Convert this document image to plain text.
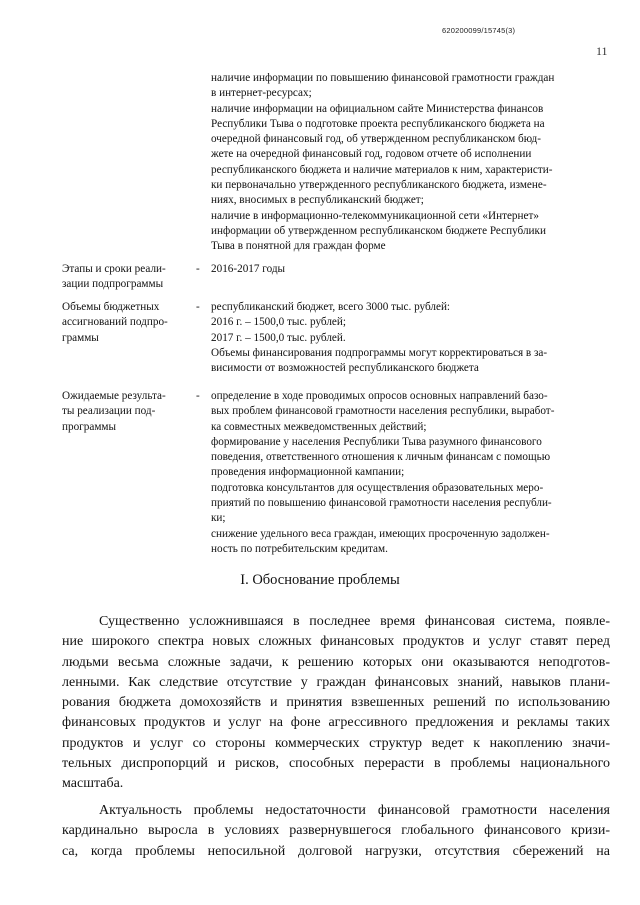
620200099/15745(3)
11
наличие информации по повышению финансовой грамотности граждан
в интернет-ресурсах;
наличие информации на официальном сайте Министерства финансов
Республики Тыва о подготовке проекта республиканского бюджета на
очередной финансовый год, об утвержденном республиканском бюд-
жете на очередной финансовый год, годовом отчете об исполнении
республиканского бюджета и наличие материалов к ним, характеристи-
ки первоначально утвержденного республиканского бюджета, измене-
ниях, вносимых в республиканский бюджет;
наличие в информационно-телекоммуникационной сети «Интернет»
информации об утвержденном республиканском бюджете Республики
Тыва в понятной для граждан форме
Этапы и сроки реали-
зации подпрограммы
- 2016-2017 годы
Объемы бюджетных
ассигнований подпро-
граммы
- республиканский бюджет, всего 3000 тыс. рублей:
2016 г. – 1500,0 тыс. рублей;
2017 г. – 1500,0 тыс. рублей.
Объемы финансирования подпрограммы могут корректироваться в за-
висимости от возможностей республиканского бюджета
Ожидаемые результа-
ты реализации под-
программы
- определение в ходе проводимых опросов основных направлений базо-
вых проблем финансовой грамотности населения республики, выработ-
ка совместных межведомственных действий;
формирование у населения Республики Тыва разумного финансового
поведения, ответственного отношения к личным финансам с помощью
проведения информационной кампании;
подготовка консультантов для осуществления образовательных меро-
приятий по повышению финансовой грамотности населения республи-
ки;
снижение удельного веса граждан, имеющих просроченную задолжен-
ность по потребительским кредитам.
I. Обоснование проблемы
Существенно усложнившаяся в последнее время финансовая система, появле-
ние широкого спектра новых сложных финансовых продуктов и услуг ставят перед
людьми весьма сложные задачи, к решению которых они оказываются неподготов-
ленными. Как следствие отсутствие у граждан финансовых знаний, навыков плани-
рования бюджета домохозяйств и принятия взвешенных решений по использованию
финансовых продуктов и услуг на фоне агрессивного предложения и рекламы таких
продуктов и услуг со стороны коммерческих структур ведет к накоплению значи-
тельных диспропорций и рисков, способных перерасти в проблемы национального
масштаба.
Актуальность проблемы недостаточности финансовой грамотности населения
кардинально выросла в условиях развернувшегося глобального финансового кризи-
са, когда проблемы непосильной долговой нагрузки, отсутствия сбережений на
